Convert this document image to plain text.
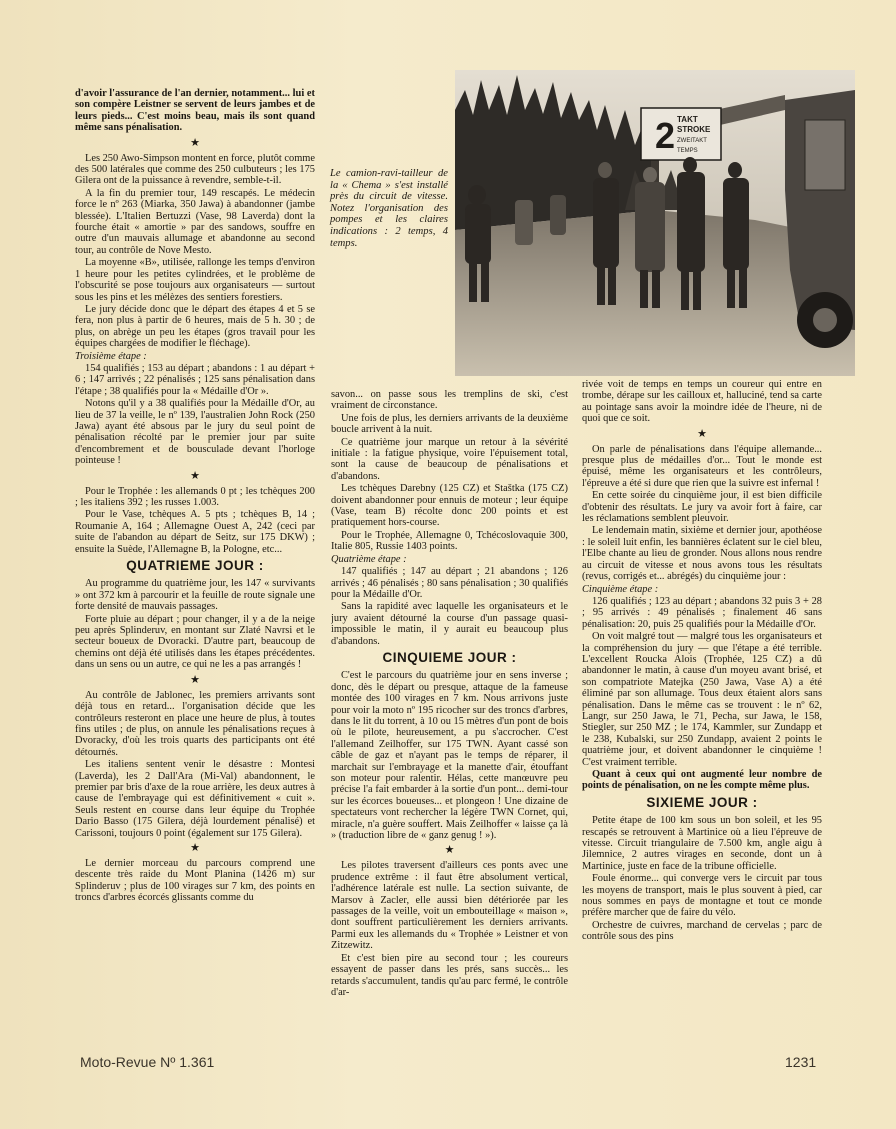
d'avoir l'assurance de l'an dernier, notamment... lui et son compère Leistner se servent de leurs jambes et de leurs pieds... C'est moins beau, mais ils sont quand même sans pénalisation.

★

Les 250 Awo-Simpson montent en force, plutôt comme des 500 latérales que comme des 250 culbuteurs ; les 175 Gilera ont de la puissance à revendre, semble-t-il.

A la fin du premier tour, 149 rescapés. Le médecin force le nº 263 (Miarka, 350 Jawa) à abandonner (jambe blessée). L'Italien Bertuzzi (Vase, 98 Laverda) dont la fourche était « amortie » par des sandows, souffre en outre d'un mauvais allumage et abandonne au second tour, au contrôle de Nove Mesto.

La moyenne «B», utilisée, rallonge les temps d'environ 1 heure pour les petites cylindrées, et le problème de l'obscurité se pose toujours aux organisateurs — surtout sous les pins et les mélèzes des sentiers forestiers.

Le jury décide donc que le départ des étapes 4 et 5 se fera, non plus à partir de 6 heures, mais de 5 h. 30 ; de plus, on abrège un peu les étapes (gros travail pour les équipes chargées de modifier le fléchage).

Troisième étape :

154 qualifiés ; 153 au départ ; abandons : 1 au départ + 6 ; 147 arrivés ; 22 pénalisés ; 125 sans pénalisation dans l'étape ; 38 qualifiés pour la « Médaille d'Or ».

Notons qu'il y a 38 qualifiés pour la Médaille d'Or, au lieu de 37 la veille, le nº 139, l'australien John Rock (250 Jawa) ayant été absous par le jury du seul point de pénalisation récolté par le premier jour par suite d'encombrement et de bousculade devant l'horloge pointeuse !

★

Pour le Trophée : les allemands 0 pt ; les tchèques 200 ; les italiens 392 ; les russes 1.003.

Pour le Vase, tchèques A. 5 pts ; tchèques B, 14 ; Roumanie A, 164 ; Allemagne Ouest A, 242 (ceci par suite de l'abandon au départ de Seitz, sur 175 DKW) ; ensuite la Suède, l'Allemagne B, la Pologne, etc...

QUATRIEME JOUR :

Au programme du quatrième jour, les 147 « survivants » ont 372 km à parcourir et la feuille de route signale une forte densité de mauvais passages.

Forte pluie au départ ; pour changer, il y a de la neige peu après Splinderuv, en montant sur Zlaté Navrsi et le secteur boueux de Dvoracki. D'autre part, beaucoup de chemins ont déjà été utilisés dans les étapes précédentes. dans un sens ou un autre, ce qui ne les a pas arrangés !

★

Au contrôle de Jablonec, les premiers arrivants sont déjà tous en retard... l'organisation décide que les contrôleurs resteront en place une heure de plus, à toutes fins utiles ; de plus, on annule les pénalisations reçues à Dvoracky, d'où les trois quarts des participants ont été détournés.

Les italiens sentent venir le désastre : Montesi (Laverda), les 2 Dall'Ara (Mi-Val) abandonnent, le premier par bris d'axe de la roue arrière, les deux autres à cause de l'embrayage qui est définitivement « cuit ». Seuls restent en course dans leur équipe du Trophée Dario Basso (175 Gilera, déjà lourdement pénalisé) et Carissoni, toujours 0 point (également sur 175 Gilera).

★

Le dernier morceau du parcours comprend une descente très raide du Mont Planina (1426 m) sur Splinderuv ; plus de 100 virages sur 7 km, des points en troncs d'arbres écorcés glissants comme du

Le camion-ravi-tailleur de la « Chema » s'est installé près du circuit de vitesse. Notez l'organisation des pompes et les claires indications : 2 temps, 4 temps.
2 TAKT
STROKE
ZWEITAKT
TEMPS

savon... on passe sous les tremplins de ski, c'est vraiment de circonstance.

Une fois de plus, les derniers arrivants de la deuxième boucle arrivent à la nuit.

Ce quatrième jour marque un retour à la sévérité initiale : la fatigue physique, voire l'épuisement total, sont la cause de beaucoup de pénalisations et d'abandons.

Les tchèques Darebny (125 CZ) et Staštka (175 CZ) doivent abandonner pour ennuis de moteur ; leur équipe (Vase, team B) récolte donc 200 points et est pratiquement hors-course.

Pour le Trophée, Allemagne 0, Tchécoslovaquie 300, Italie 805, Russie 1403 points.

Quatrième étape :

147 qualifiés ; 147 au départ ; 21 abandons ; 126 arrivés ; 46 pénalisés ; 80 sans pénalisation ; 30 qualifiés pour la Médaille d'Or.

Sans la rapidité avec laquelle les organisateurs et le jury avaient détourné la course d'un passage quasi-impossible le matin, il y aurait eu beaucoup plus d'abandons.

CINQUIEME JOUR :

C'est le parcours du quatrième jour en sens inverse ; donc, dès le départ ou presque, attaque de la fameuse montée des 100 virages en 7 km. Nous arrivons juste pour voir la moto nº 195 ricocher sur des troncs d'arbres, dans le lit du torrent, à 10 ou 15 mètres d'un pont de bois où le pilote, heureusement, a pu s'accrocher. C'est l'allemand Zeilhoffer, sur 175 TWN. Ayant cassé son câble de gaz et n'ayant pas le temps de réparer, il marchait sur l'embrayage et la manette d'air, étouffant son moteur pour ralentir. Hélas, cette manœuvre peu précise l'a fait embarder à la sortie d'un pont... demi-tour sur les écorces boueuses... et plongeon ! Une dizaine de spectateurs vont rechercher la légère TWN Cornet, qui, miracle, n'a guère souffert. Mais Zeilhoffer « laisse ça là » (traduction libre de « ganz genug ! »).

★

Les pilotes traversent d'ailleurs ces ponts avec une prudence extrême : il faut être absolument vertical, l'adhérence latérale est nulle. La section suivante, de Marsov à Zacler, elle aussi bien détériorée par les passages de la veille, voit un embouteillage « maison », dont souffrent particulièrement les derniers arrivants. Parmi eux les allemands du « Trophée » Leistner et von Zitzewitz.

Et c'est bien pire au second tour ; les coureurs essayent de passer dans les prés, sans succès... les retards s'accumulent, tandis qu'au parc fermé, le contrôle d'ar-

rivée voit de temps en temps un coureur qui entre en trombe, dérape sur les cailloux et, halluciné, tend sa carte au pointage sans avoir la moindre idée de l'heure, ni de quoi que ce soit.

★

On parle de pénalisations dans l'équipe allemande... presque plus de médailles d'or... Tout le monde est épuisé, même les organisateurs et les contrôleurs, l'épreuve a été si dure que rien que la suivre est infernal !

En cette soirée du cinquième jour, il est bien difficile d'obtenir des résultats. Le jury va avoir fort à faire, car les réclamations semblent pleuvoir.

Le lendemain matin, sixième et dernier jour, apothéose : le soleil luit enfin, les bannières éclatent sur le ciel bleu, l'Elbe chante au lieu de gronder. Nous allons nous rendre au circuit de vitesse et nous avons tous les résultats (revus, corrigés et... abrégés) du cinquième jour :

Cinquième étape :

126 qualifiés ; 123 au départ ; abandons 32 puis 3 + 28 ; 95 arrivés : 49 pénalisés ; finalement 46 sans pénalisation: 20, puis 25 qualifiés pour la Médaille d'Or.

On voit malgré tout — malgré tous les organisateurs et la compréhension du jury — que l'étape a été terrible. L'excellent Roucka Alois (Trophée, 125 CZ) a dû abandonner le matin, à cause d'un moyeu avant brisé, et son compatriote Matejka (250 Jawa, Vase A) a été éliminé par son allumage. Tous deux étaient alors sans pénalisation. Dans le même cas se trouvent : le nº 62, Langr, sur 250 Jawa, le 71, Pecha, sur Jawa, le 158, Stiegler, sur 250 MZ ; le 174, Kammler, sur Zundapp et le 238, Kubalski, sur 250 Zundapp, avaient 2 points le quatrième jour, et doivent abandonner le cinquième ! C'est vraiment terrible.

Quant à ceux qui ont augmenté leur nombre de points de pénalisation, on ne les compte même plus.

SIXIEME JOUR :

Petite étape de 100 km sous un bon soleil, et les 95 rescapés se retrouvent à Martinice où a lieu l'épreuve de vitesse. Circuit triangulaire de 7.500 km, angle aigu à Jilemnice, 2 autres virages en seconde, dont un à Martinice, juste en face de la tribune officielle.

Foule énorme... qui converge vers le circuit par tous les moyens de transport, mais le plus souvent à pied, car nous sommes en pays de montagne et tout ce monde préfère marcher que de faire du vélo.

Orchestre de cuivres, marchand de cervelas ; parc de contrôle sous des pins

Moto-Revue Nº 1.361	1231
